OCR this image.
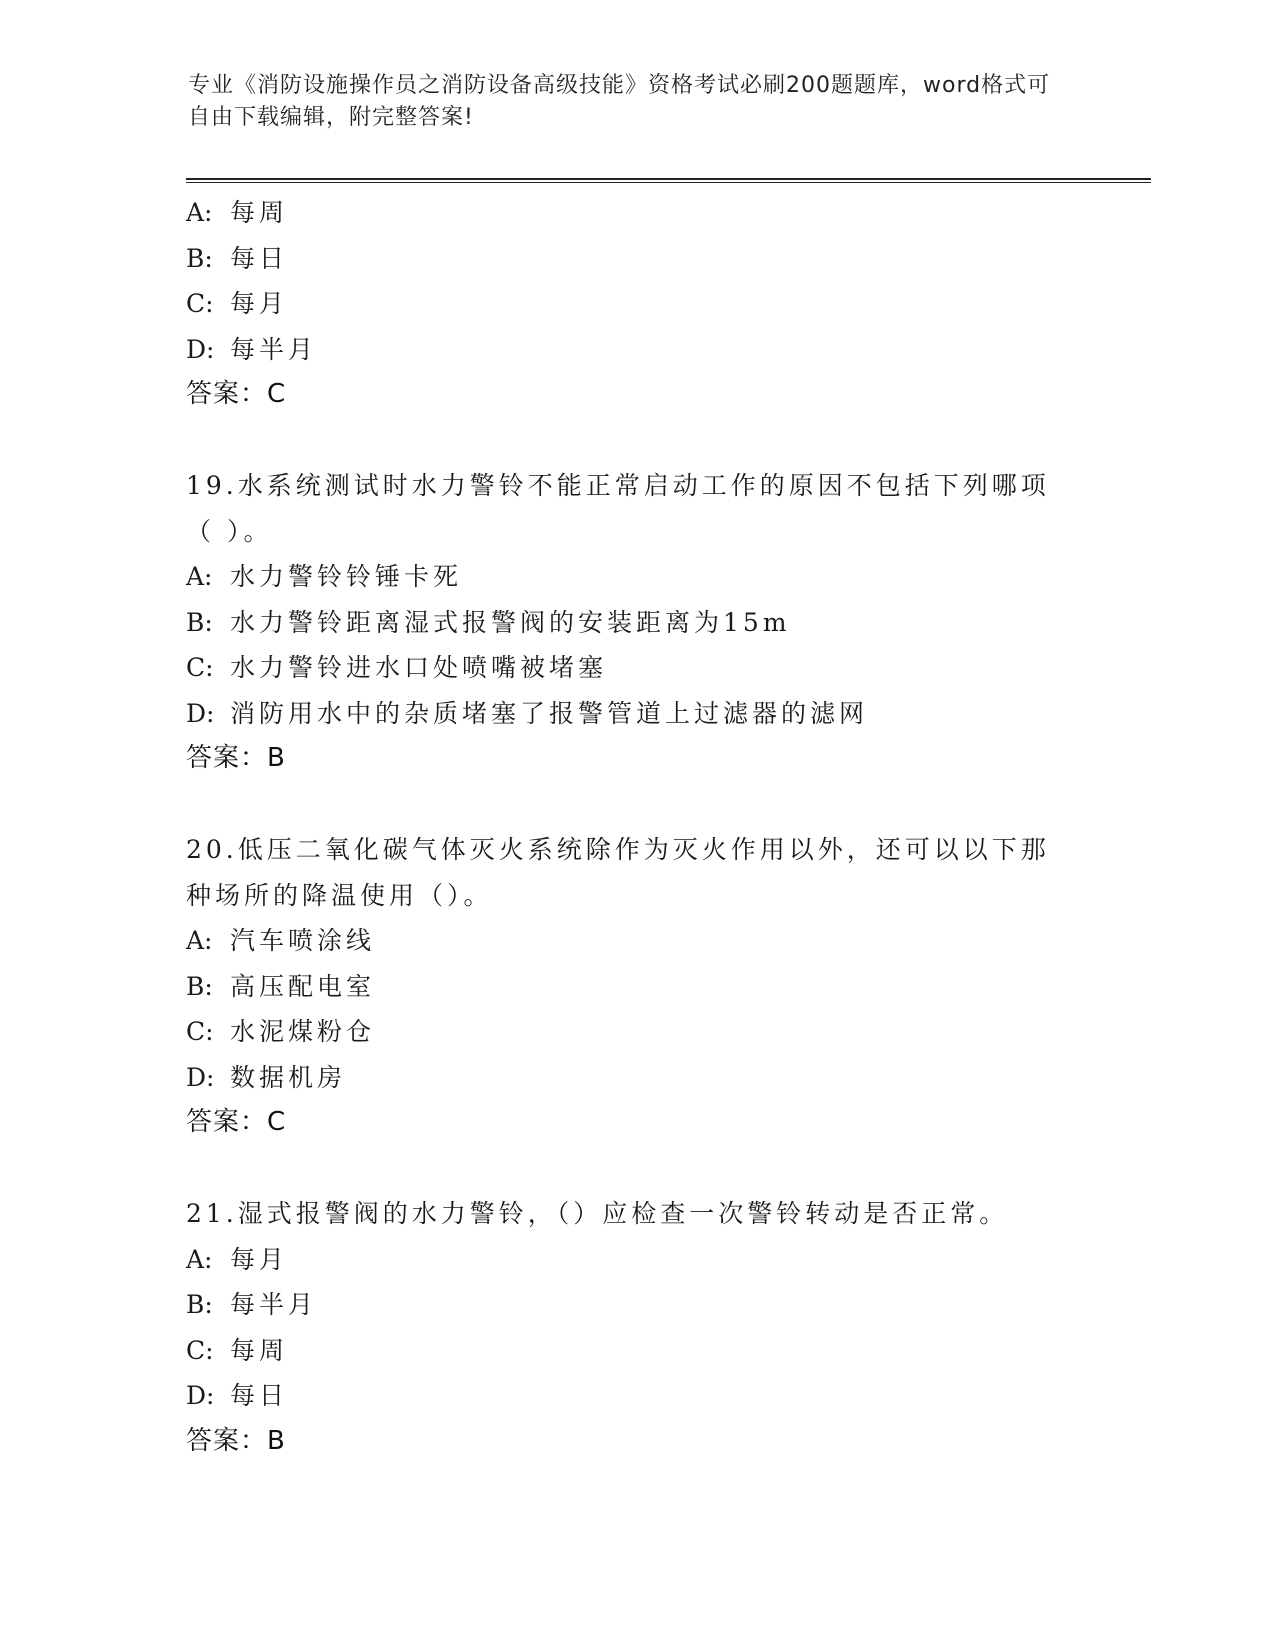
专业《消防设施操作员之消防设备高级技能》资格考试必刷200题题库，word格式可自由下载编辑，附完整答案!
A: 每周
B: 每日
C: 每月
D: 每半月
答案：C
19.水系统测试时水力警铃不能正常启动工作的原因不包括下列哪项（ ）。
A: 水力警铃铃锤卡死
B: 水力警铃距离湿式报警阀的安装距离为15m
C: 水力警铃进水口处喷嘴被堵塞
D: 消防用水中的杂质堵塞了报警管道上过滤器的滤网
答案：B
20.低压二氧化碳气体灭火系统除作为灭火作用以外，还可以以下那种场所的降温使用（）。
A: 汽车喷涂线
B: 高压配电室
C: 水泥煤粉仓
D: 数据机房
答案：C
21.湿式报警阀的水力警铃，（）应检查一次警铃转动是否正常。
A: 每月
B: 每半月
C: 每周
D: 每日
答案：B
